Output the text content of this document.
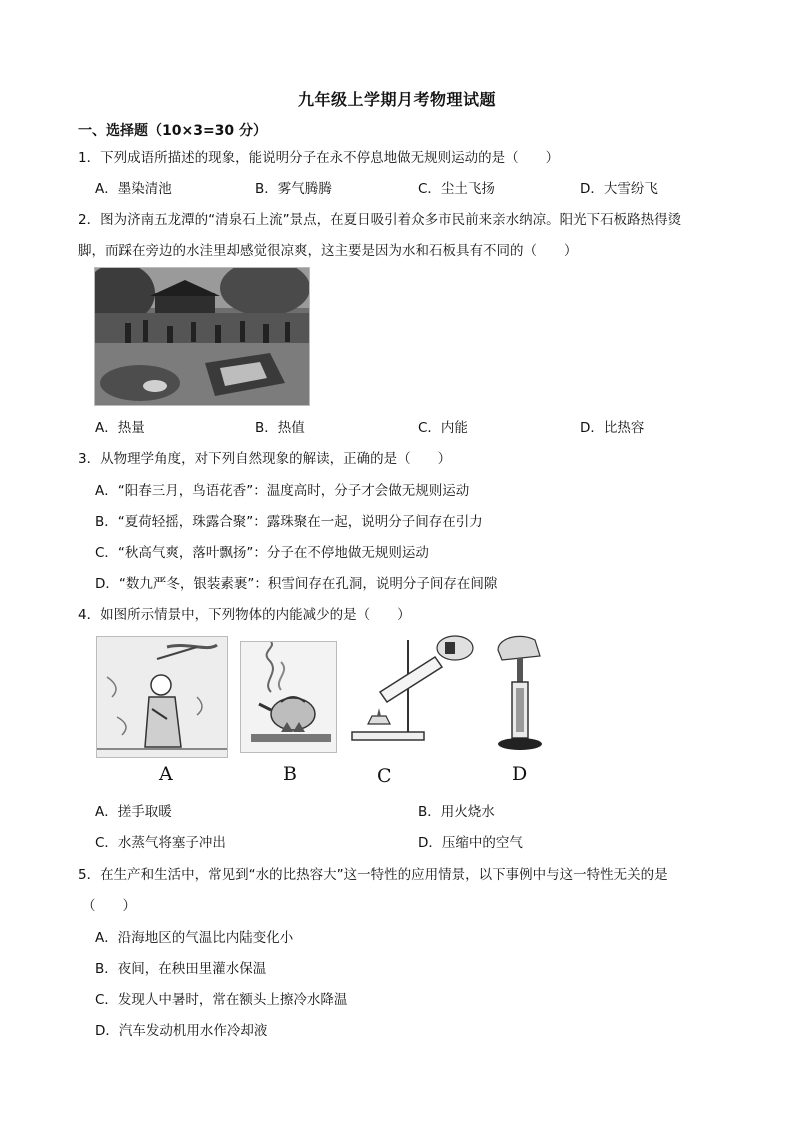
九年级上学期月考物理试题
一、选择题（10×3=30 分）
1．下列成语所描述的现象，能说明分子在永不停息地做无规则运动的是（　　）
A．墨染清池	B．雾气腾腾	C．尘土飞扬	D．大雪纷飞
2．图为济南五龙潭的“清泉石上流”景点，在夏日吸引着众多市民前来亲水纳凉。阳光下石板路热得烫
脚，而踩在旁边的水洼里却感觉很凉爽，这主要是因为水和石板具有不同的（　　）
A．热量	B．热值	C．内能	D．比热容
3．从物理学角度，对下列自然现象的解读，正确的是（　　）
A．“阳春三月，鸟语花香”：温度高时，分子才会做无规则运动
B．“夏荷轻摇，珠露合聚”：露珠聚在一起，说明分子间存在引力
C．“秋高气爽，落叶飘扬”：分子在不停地做无规则运动
D．“数九严冬，银装素裹”：积雪间存在孔洞，说明分子间存在间隙
4．如图所示情景中，下列物体的内能减少的是（　　）
A	B	C	D
A．搓手取暖	B．用火烧水
C．水蒸气将塞子冲出	D．压缩中的空气
5．在生产和生活中，常见到“水的比热容大”这一特性的应用情景，以下事例中与这一特性无关的是
（　　）
A．沿海地区的气温比内陆变化小
B．夜间，在秧田里灌水保温
C．发现人中暑时，常在额头上擦冷水降温
D．汽车发动机用水作冷却液
